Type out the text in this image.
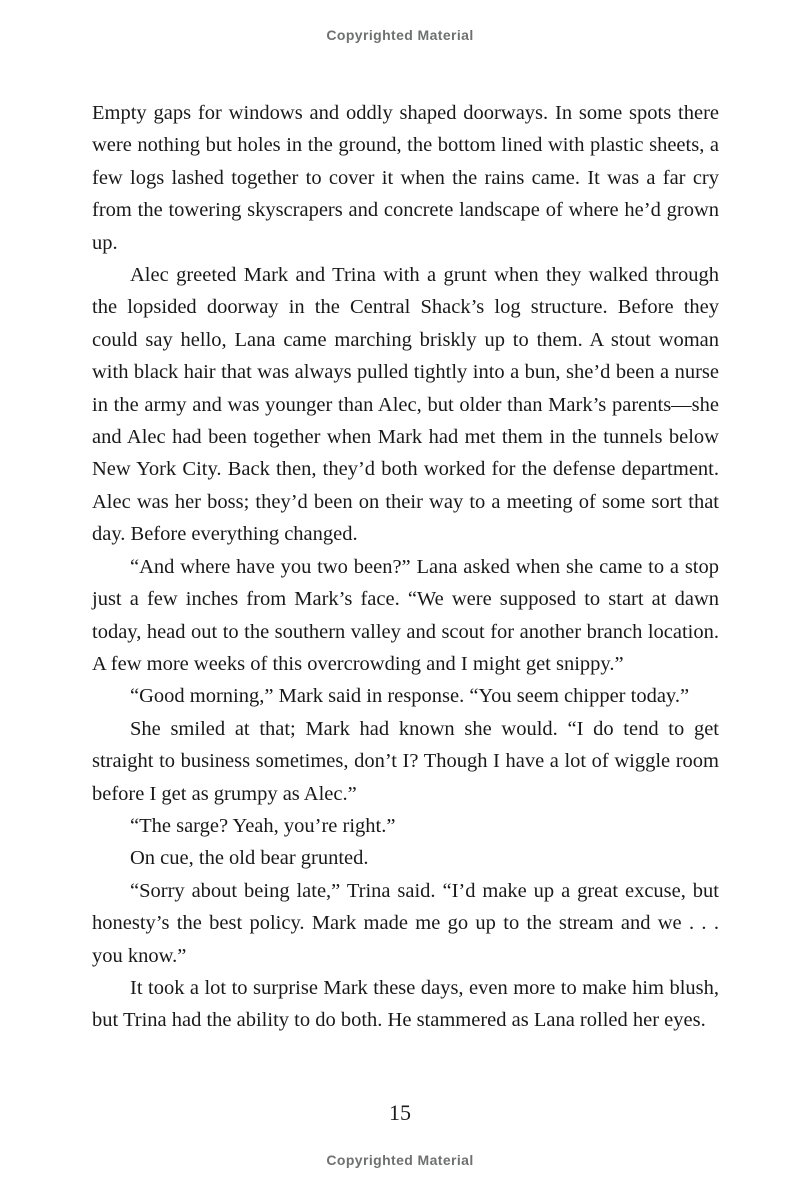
Copyrighted Material

Empty gaps for windows and oddly shaped doorways. In some spots there were nothing but holes in the ground, the bottom lined with plastic sheets, a few logs lashed together to cover it when the rains came. It was a far cry from the towering skyscrapers and concrete landscape of where he’d grown up.

Alec greeted Mark and Trina with a grunt when they walked through the lopsided doorway in the Central Shack’s log structure. Before they could say hello, Lana came marching briskly up to them. A stout woman with black hair that was always pulled tightly into a bun, she’d been a nurse in the army and was younger than Alec, but older than Mark’s parents—she and Alec had been together when Mark had met them in the tunnels below New York City. Back then, they’d both worked for the defense department. Alec was her boss; they’d been on their way to a meeting of some sort that day. Before everything changed.

“And where have you two been?” Lana asked when she came to a stop just a few inches from Mark’s face. “We were supposed to start at dawn today, head out to the southern valley and scout for another branch location. A few more weeks of this overcrowding and I might get snippy.”

“Good morning,” Mark said in response. “You seem chipper today.”

She smiled at that; Mark had known she would. “I do tend to get straight to business sometimes, don’t I? Though I have a lot of wiggle room before I get as grumpy as Alec.”

“The sarge? Yeah, you’re right.”

On cue, the old bear grunted.

“Sorry about being late,” Trina said. “I’d make up a great excuse, but honesty’s the best policy. Mark made me go up to the stream and we . . . you know.”

It took a lot to surprise Mark these days, even more to make him blush, but Trina had the ability to do both. He stammered as Lana rolled her eyes.

15
Copyrighted Material
